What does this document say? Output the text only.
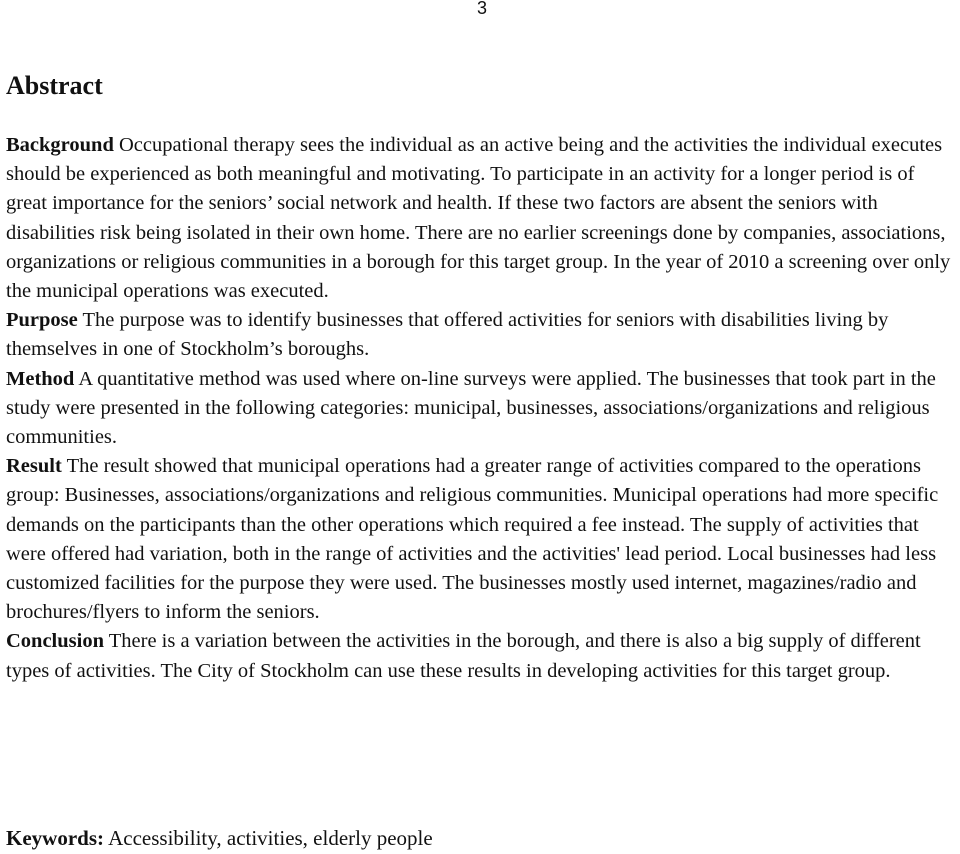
3
Abstract

Background Occupational therapy sees the individual as an active being and the activities the individual executes should be experienced as both meaningful and motivating. To participate in an activity for a longer period is of great importance for the seniors’ social network and health. If these two factors are absent the seniors with disabilities risk being isolated in their own home. There are no earlier screenings done by companies, associations, organizations or religious communities in a borough for this target group. In the year of 2010 a screening over only the municipal operations was executed.

Purpose The purpose was to identify businesses that offered activities for seniors with disabilities living by themselves in one of Stockholm’s boroughs.

Method A quantitative method was used where on-line surveys were applied. The businesses that took part in the study were presented in the following categories: municipal, businesses, associations/organizations and religious communities.

Result The result showed that municipal operations had a greater range of activities compared to the operations group: Businesses, associations/organizations and religious communities. Municipal operations had more specific demands on the participants than the other operations which required a fee instead. The supply of activities that were offered had variation, both in the range of activities and the activities' lead period. Local businesses had less customized facilities for the purpose they were used. The businesses mostly used internet, magazines/radio and brochures/flyers to inform the seniors.

Conclusion There is a variation between the activities in the borough, and there is also a big supply of different types of activities. The City of Stockholm can use these results in developing activities for this target group.

Keywords: Accessibility, activities, elderly people
